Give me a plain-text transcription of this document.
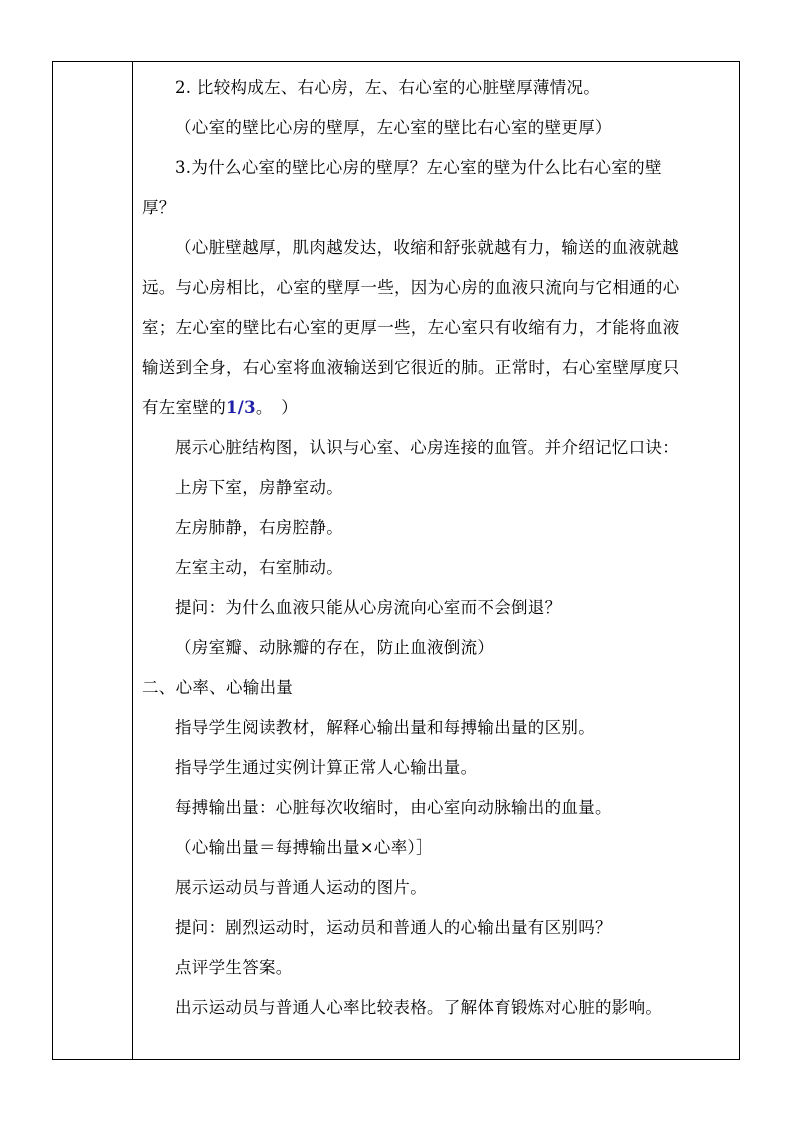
2. 比较构成左、右心房，左、右心室的心脏壁厚薄情况。
（心室的壁比心房的壁厚，左心室的壁比右心室的壁更厚）
3.为什么心室的壁比心房的壁厚？左心室的壁为什么比右心室的壁
厚？
（心脏壁越厚，肌肉越发达，收缩和舒张就越有力，输送的血液就越
远。与心房相比，心室的壁厚一些，因为心房的血液只流向与它相通的心
室；左心室的壁比右心室的更厚一些，左心室只有收缩有力，才能将血液
输送到全身，右心室将血液输送到它很近的肺。正常时，右心室壁厚度只
有左室壁的1/3。　）
展示心脏结构图，认识与心室、心房连接的血管。并介绍记忆口诀：
上房下室，房静室动。
左房肺静，右房腔静。
左室主动，右室肺动。
提问：为什么血液只能从心房流向心室而不会倒退？
（房室瓣、动脉瓣的存在，防止血液倒流）
二、心率、心输出量
指导学生阅读教材，解释心输出量和每搏输出量的区别。
指导学生通过实例计算正常人心输出量。
每搏输出量：心脏每次收缩时，由心室向动脉输出的血量。
（心输出量＝每搏输出量×心率）］
展示运动员与普通人运动的图片。
提问：剧烈运动时，运动员和普通人的心输出量有区别吗？
点评学生答案。
出示运动员与普通人心率比较表格。了解体育锻炼对心脏的影响。
